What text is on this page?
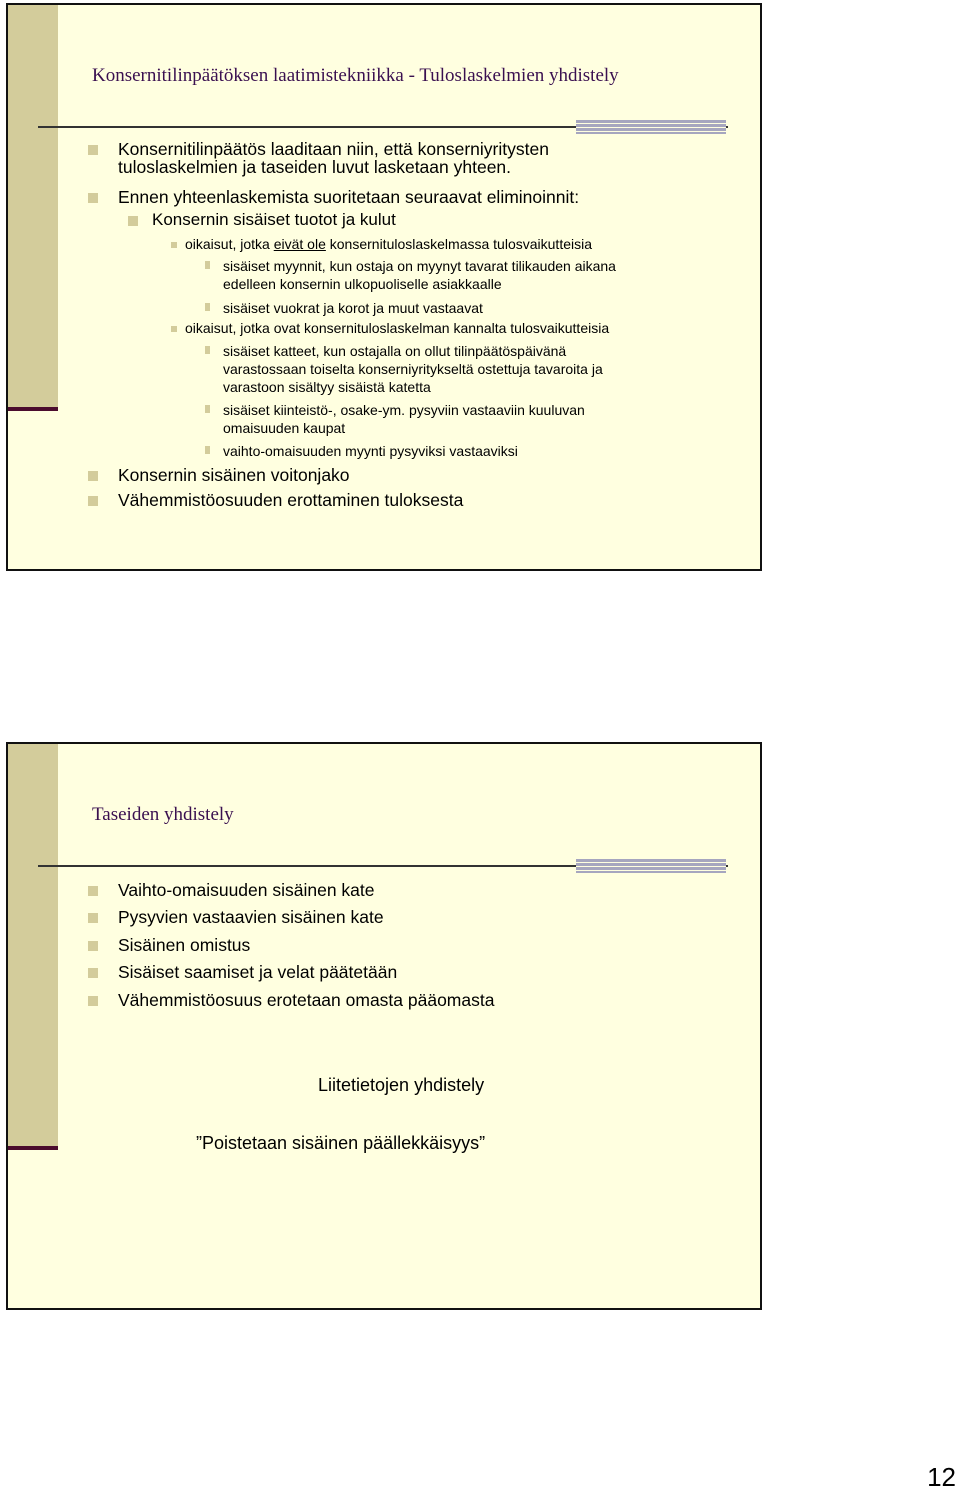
Konsernitilinpäätöksen laatimistekniikka - Tuloslaskelmien yhdistely
Konsernitilinpäätös laaditaan niin, että konserniyritysten
tuloslaskelmien ja taseiden luvut lasketaan yhteen.
Ennen yhteenlaskemista suoritetaan seuraavat eliminoinnit:
Konsernin sisäiset tuotot ja kulut
oikaisut, jotka eivät ole konsernituloslaskelmassa tulosvaikutteisia
sisäiset myynnit, kun ostaja on myynyt tavarat tilikauden aikana
edelleen konsernin ulkopuoliselle asiakkaalle
sisäiset vuokrat ja korot ja muut vastaavat
oikaisut, jotka ovat konsernituloslaskelman kannalta tulosvaikutteisia
sisäiset katteet, kun ostajalla on ollut tilinpäätöspäivänä
varastossaan toiselta konserniyritykseltä ostettuja tavaroita ja
varastoon sisältyy sisäistä katetta
sisäiset kiinteistö-, osake-ym. pysyviin vastaaviin kuuluvan
omaisuuden kaupat
vaihto-omaisuuden myynti pysyviksi vastaaviksi
Konsernin sisäinen voitonjako
Vähemmistöosuuden erottaminen tuloksesta
Taseiden yhdistely
Vaihto-omaisuuden sisäinen kate
Pysyvien vastaavien sisäinen kate
Sisäinen omistus
Sisäiset saamiset ja velat päätetään
Vähemmistöosuus erotetaan omasta pääomasta
Liitetietojen yhdistely
”Poistetaan sisäinen päällekkäisyys”
12
